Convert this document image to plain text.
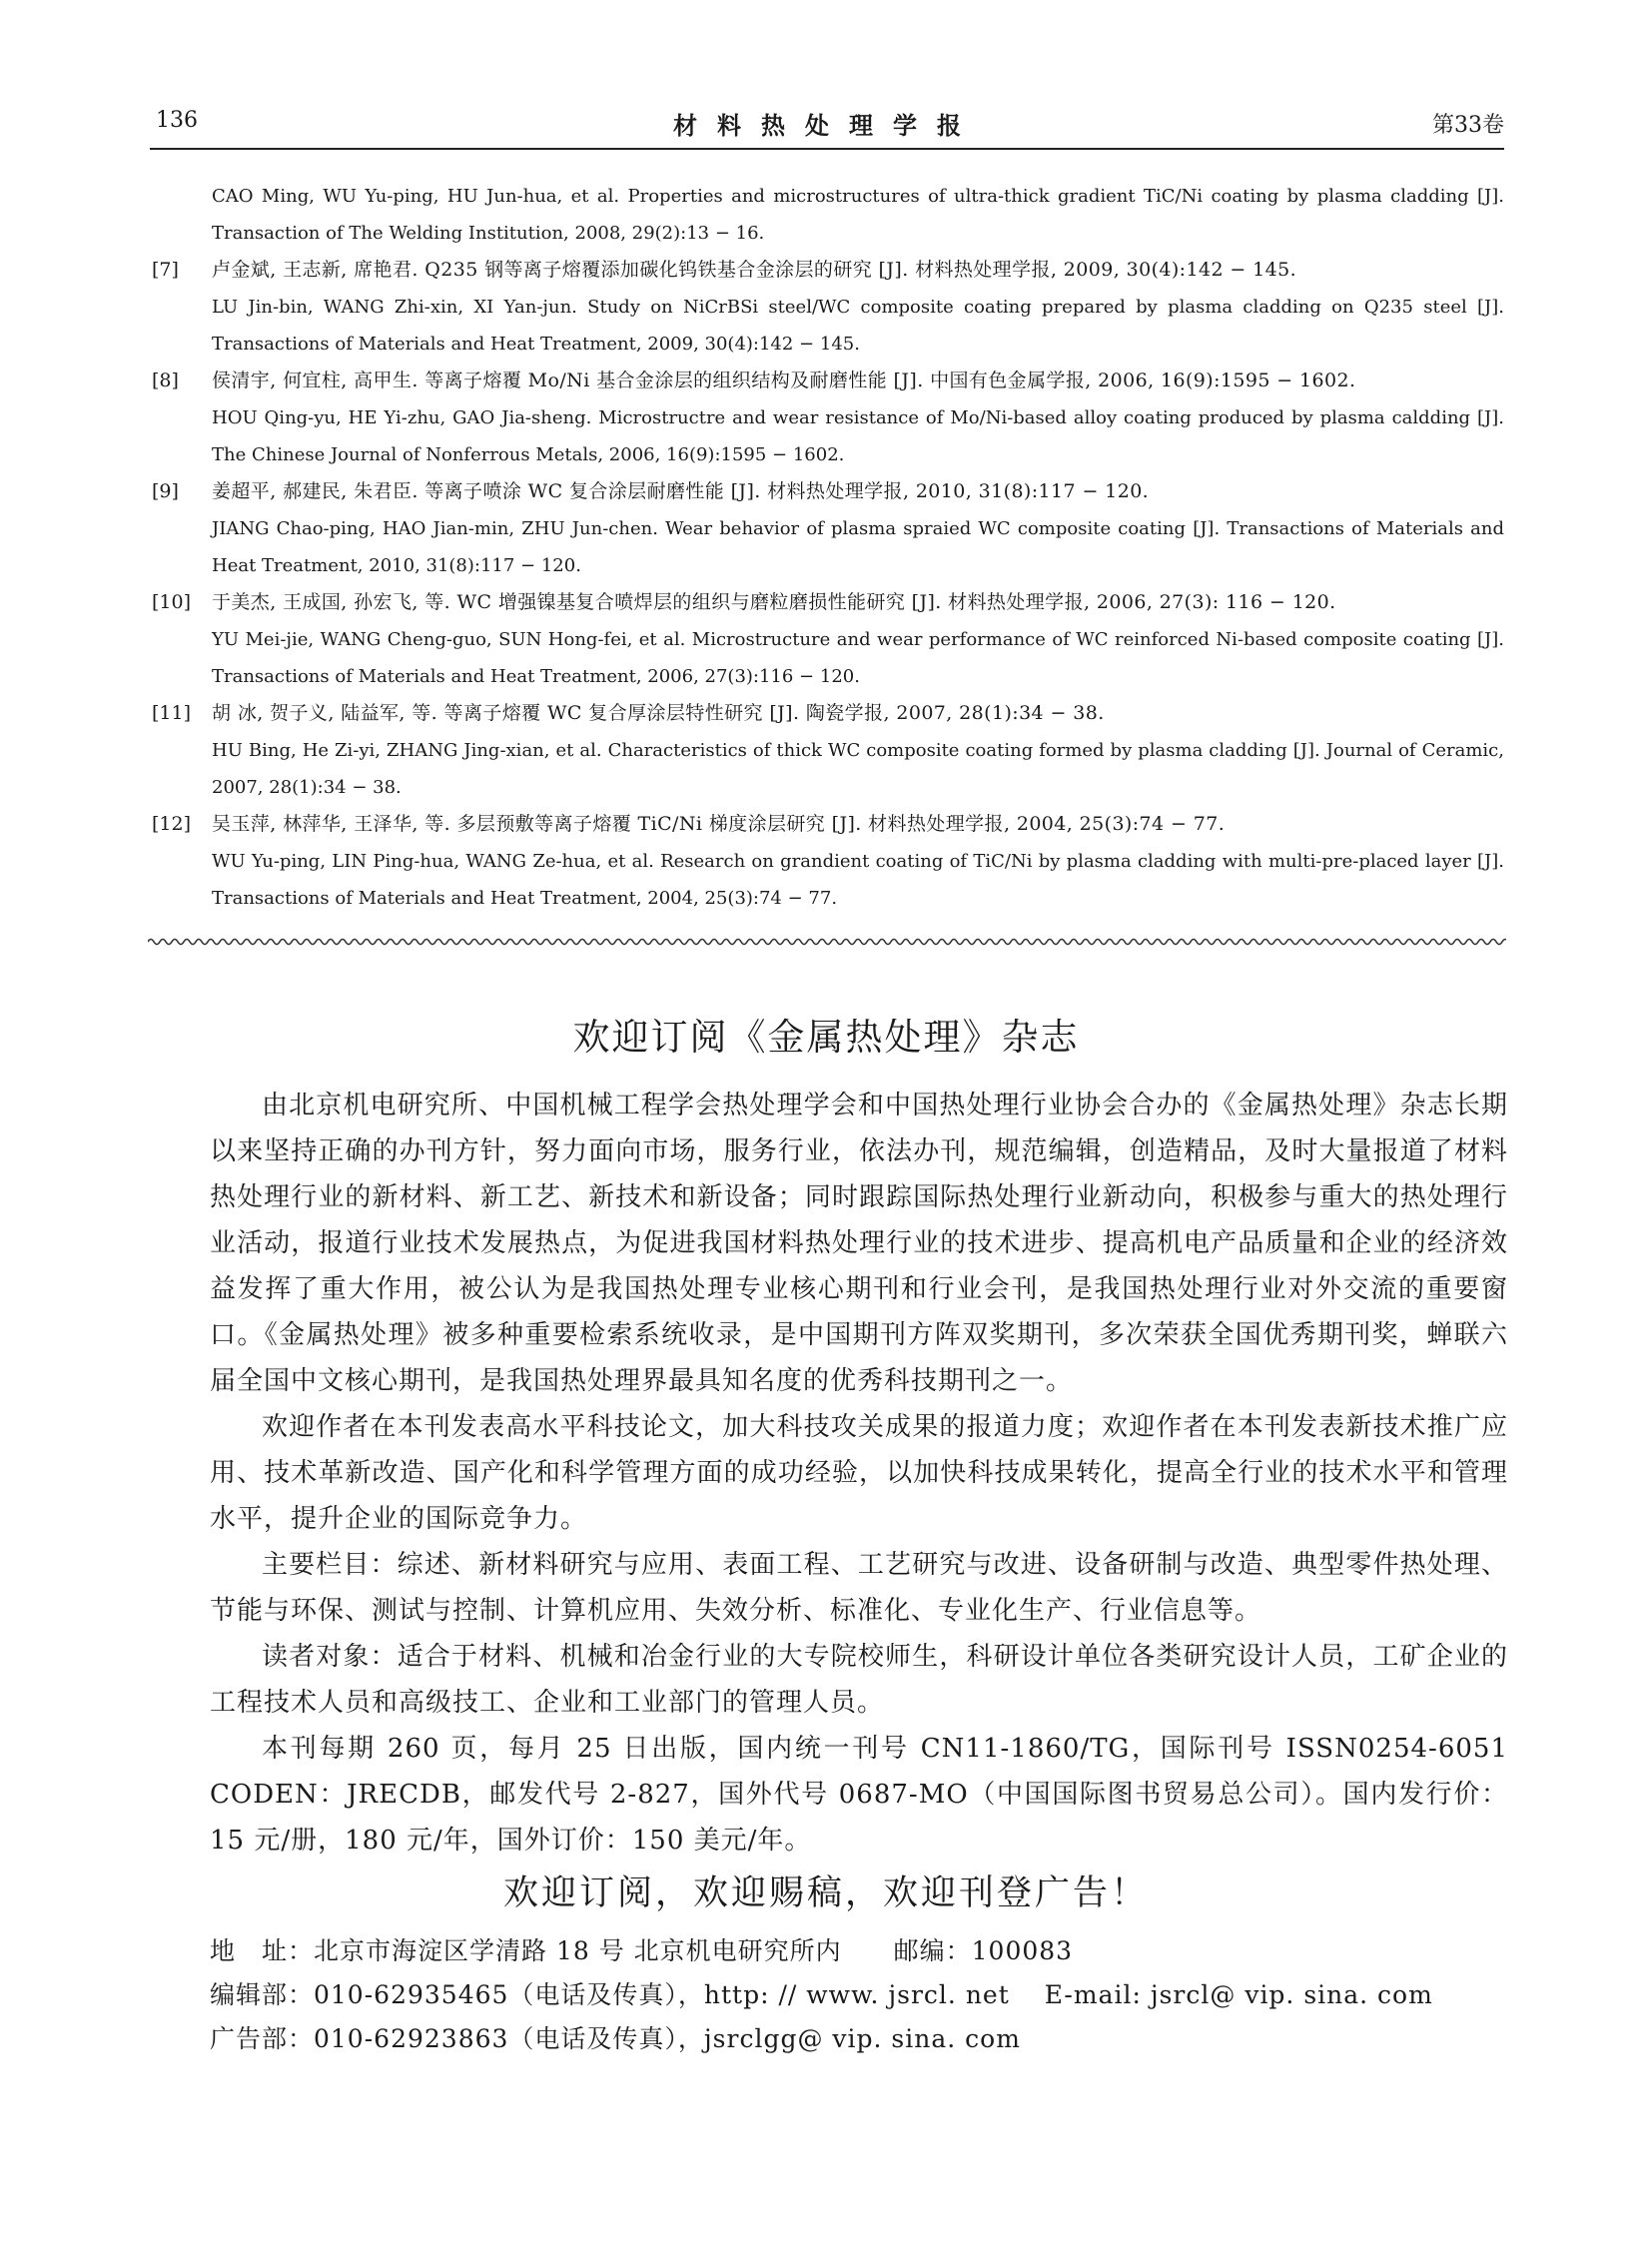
136	材料热处理学报	第33卷
CAO Ming, WU Yu-ping, HU Jun-hua, et al. Properties and microstructures of ultra-thick gradient TiC/Ni coating by plasma cladding [J]. Transaction of The Welding Institution, 2008, 29(2):13 − 16.
[7] 卢金斌, 王志新, 席艳君. Q235 钢等离子熔覆添加碳化钨铁基合金涂层的研究 [J]. 材料热处理学报, 2009, 30(4):142 − 145.
LU Jin-bin, WANG Zhi-xin, XI Yan-jun. Study on NiCrBSi steel/WC composite coating prepared by plasma cladding on Q235 steel [J]. Transactions of Materials and Heat Treatment, 2009, 30(4):142 − 145.
[8] 侯清宇, 何宜柱, 高甲生. 等离子熔覆 Mo/Ni 基合金涂层的组织结构及耐磨性能 [J]. 中国有色金属学报, 2006, 16(9):1595 − 1602.
HOU Qing-yu, HE Yi-zhu, GAO Jia-sheng. Microstructre and wear resistance of Mo/Ni-based alloy coating produced by plasma caldding [J]. The Chinese Journal of Nonferrous Metals, 2006, 16(9):1595 − 1602.
[9] 姜超平, 郝建民, 朱君臣. 等离子喷涂 WC 复合涂层耐磨性能 [J]. 材料热处理学报, 2010, 31(8):117 − 120.
JIANG Chao-ping, HAO Jian-min, ZHU Jun-chen. Wear behavior of plasma spraied WC composite coating [J]. Transactions of Materials and Heat Treatment, 2010, 31(8):117 − 120.
[10] 于美杰, 王成国, 孙宏飞, 等. WC 增强镍基复合喷焊层的组织与磨粒磨损性能研究 [J]. 材料热处理学报, 2006, 27(3): 116 − 120.
YU Mei-jie, WANG Cheng-guo, SUN Hong-fei, et al. Microstructure and wear performance of WC reinforced Ni-based composite coating [J]. Transactions of Materials and Heat Treatment, 2006, 27(3):116 − 120.
[11] 胡 冰, 贺子义, 陆益军, 等. 等离子熔覆 WC 复合厚涂层特性研究 [J]. 陶瓷学报, 2007, 28(1):34 − 38.
HU Bing, He Zi-yi, ZHANG Jing-xian, et al. Characteristics of thick WC composite coating formed by plasma cladding [J]. Journal of Ceramic, 2007, 28(1):34 − 38.
[12] 吴玉萍, 林萍华, 王泽华, 等. 多层预敷等离子熔覆 TiC/Ni 梯度涂层研究 [J]. 材料热处理学报, 2004, 25(3):74 − 77.
WU Yu-ping, LIN Ping-hua, WANG Ze-hua, et al. Research on grandient coating of TiC/Ni by plasma cladding with multi-pre-placed layer [J]. Transactions of Materials and Heat Treatment, 2004, 25(3):74 − 77.
欢迎订阅《金属热处理》杂志

由北京机电研究所、中国机械工程学会热处理学会和中国热处理行业协会合办的《金属热处理》杂志长期以来坚持正确的办刊方针，努力面向市场，服务行业，依法办刊，规范编辑，创造精品，及时大量报道了材料热处理行业的新材料、新工艺、新技术和新设备；同时跟踪国际热处理行业新动向，积极参与重大的热处理行业活动，报道行业技术发展热点，为促进我国材料热处理行业的技术进步、提高机电产品质量和企业的经济效益发挥了重大作用，被公认为是我国热处理专业核心期刊和行业会刊，是我国热处理行业对外交流的重要窗口。《金属热处理》被多种重要检索系统收录，是中国期刊方阵双奖期刊，多次荣获全国优秀期刊奖，蝉联六届全国中文核心期刊，是我国热处理界最具知名度的优秀科技期刊之一。

欢迎作者在本刊发表高水平科技论文，加大科技攻关成果的报道力度；欢迎作者在本刊发表新技术推广应用、技术革新改造、国产化和科学管理方面的成功经验，以加快科技成果转化，提高全行业的技术水平和管理水平，提升企业的国际竞争力。

主要栏目：综述、新材料研究与应用、表面工程、工艺研究与改进、设备研制与改造、典型零件热处理、节能与环保、测试与控制、计算机应用、失效分析、标准化、专业化生产、行业信息等。

读者对象：适合于材料、机械和冶金行业的大专院校师生，科研设计单位各类研究设计人员，工矿企业的工程技术人员和高级技工、企业和工业部门的管理人员。

本刊每期 260 页，每月 25 日出版，国内统一刊号 CN11-1860/TG，国际刊号 ISSN0254-6051 CODEN：JRECDB，邮发代号 2-827，国外代号 0687-MO（中国国际图书贸易总公司）。国内发行价：15 元/册，180 元/年，国外订价：150 美元/年。

欢迎订阅，欢迎赐稿，欢迎刊登广告！
地　址：北京市海淀区学清路 18 号 北京机电研究所内　　邮编：100083
编辑部：010-62935465（电话及传真），http: // www. jsrcl. net　 E-mail: jsrcl@ vip. sina. com
广告部：010-62923863（电话及传真），jsrclgg@ vip. sina. com
